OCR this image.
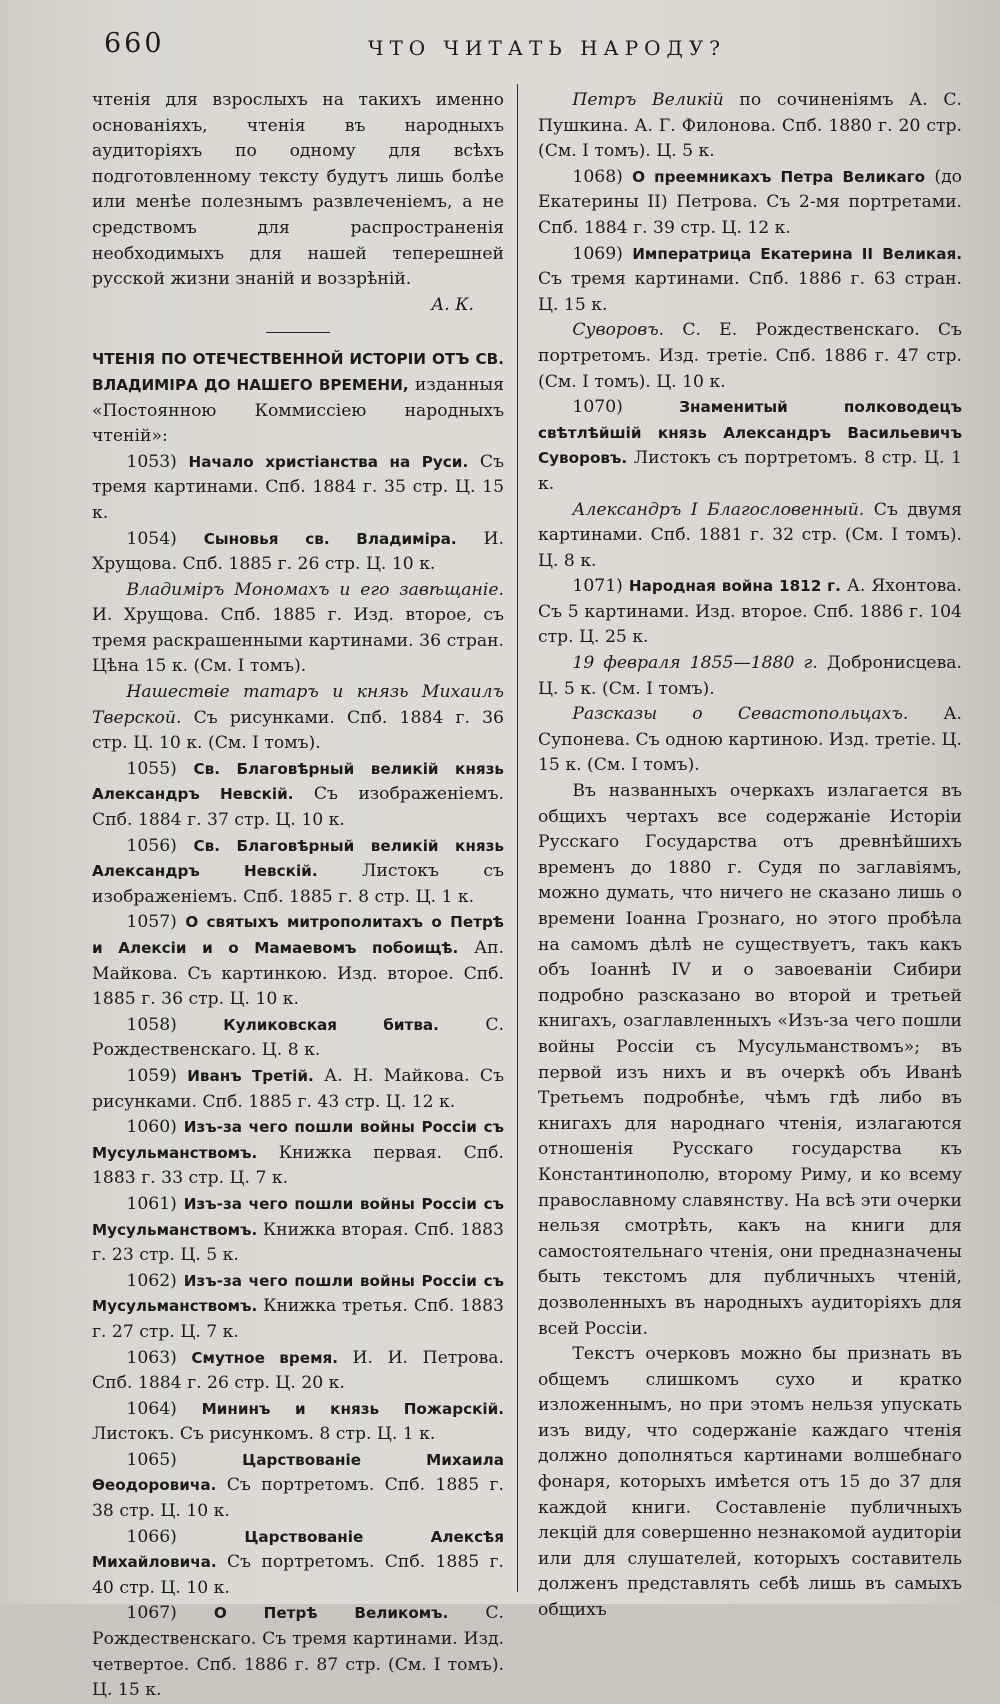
660	ЧТО ЧИТАТЬ НАРОДУ?

чтенія для взрослыхъ на такихъ именно основаніяхъ, чтенія въ народныхъ аудиторіяхъ по одному для всѣхъ подготовленному тексту будутъ лишь болѣе или менѣе полезнымъ развлеченіемъ, а не средствомъ для распространенія необходимыхъ для нашей теперешней русской жизни знаній и воззрѣній.

А. К.

ЧТЕНІЯ ПО ОТЕЧЕСТВЕННОЙ ИСТОРІИ ОТЪ СВ. ВЛАДИМІРА ДО НАШЕГО ВРЕМЕНИ, изданныя «Постоянною Коммиссіею народныхъ чтеній»:

1053) Начало христіанства на Руси. Съ тремя картинами. Спб. 1884 г. 35 стр. Ц. 15 к.

1054) Сыновья св. Владиміра. И. Хрущова. Спб. 1885 г. 26 стр. Ц. 10 к.

Владиміръ Мономахъ и его завѣщаніе. И. Хрущова. Спб. 1885 г. Изд. второе, съ тремя раскрашенными картинами. 36 стран. Цѣна 15 к. (См. I томъ).

Нашествіе татаръ и князь Михаилъ Тверской. Съ рисунками. Спб. 1884 г. 36 стр. Ц. 10 к. (См. I томъ).

1055) Св. Благовѣрный великій князь Александръ Невскій. Съ изображеніемъ. Спб. 1884 г. 37 стр. Ц. 10 к.

1056) Св. Благовѣрный великій князь Александръ Невскій. Листокъ съ изображеніемъ. Спб. 1885 г. 8 стр. Ц. 1 к.

1057) О святыхъ митрополитахъ о Петрѣ и Алексіи и о Мамаевомъ побоищѣ. Ап. Майкова. Съ картинкою. Изд. второе. Спб. 1885 г. 36 стр. Ц. 10 к.

1058)	Куликовская битва. С. Рождественскаго. Ц. 8 к.

1059) Иванъ Третій. А. Н. Майкова. Съ рисунками. Спб. 1885 г. 43 стр. Ц. 12 к.

1060) Изъ-за чего пошли войны Россіи съ Мусульманствомъ. Книжка первая. Спб. 1883 г. 33 стр. Ц. 7 к.

1061) Изъ-за чего пошли войны Россіи съ Мусульманствомъ. Книжка вторая. Спб. 1883 г. 23 стр. Ц. 5 к.

1062) Изъ-за чего пошли войны Россіи съ Мусульманствомъ. Книжка третья. Спб. 1883 г. 27 стр. Ц. 7 к.

1063) Смутное время. И. И. Петрова. Спб. 1884 г. 26 стр. Ц. 20 к.

1064) Мининъ и князь Пожарскій. Листокъ. Съ рисункомъ. 8 стр. Ц. 1 к.

1065)	Царствованіе Михаила Ѳеодоровича. Съ портретомъ. Спб. 1885 г. 38 стр. Ц. 10 к.

1066)	Царствованіе Алексѣя Михайловича. Съ портретомъ. Спб. 1885 г. 40 стр. Ц. 10 к.

1067) О Петрѣ Великомъ. С. Рождественскаго. Съ тремя картинами. Изд. четвертое. Спб. 1886 г. 87 стр. (См. I томъ). Ц. 15 к.

Петръ Великій по сочиненіямъ А. С. Пушкина. А. Г. Филонова. Спб. 1880 г. 20 стр. (См. I томъ). Ц. 5 к.

1068) О преемникахъ Петра Великаго (до Екатерины II) Петрова. Съ 2-мя портретами. Спб. 1884 г. 39 стр. Ц. 12 к.

1069) Императрица Екатерина II Великая. Съ тремя картинами. Спб. 1886 г. 63 стран. Ц. 15 к.

Суворовъ. С. Е. Рождественскаго. Съ портретомъ. Изд. третіе. Спб. 1886 г. 47 стр. (См. I томъ). Ц. 10 к.

1070)	Знаменитый полководецъ свѣтлѣйшій князь Александръ Васильевичъ Суворовъ. Листокъ съ портретомъ. 8 стр. Ц. 1 к.

Александръ I Благословенный. Съ двумя картинами. Спб. 1881 г. 32 стр. (См. I томъ). Ц. 8 к.

1071) Народная война 1812 г. А. Яхонтова. Съ 5 картинами. Изд. второе. Спб. 1886 г. 104 стр. Ц. 25 к.

19 февраля 1855—1880 г. Добронисцева. Ц. 5 к. (См. I томъ).

Разсказы о Севастопольцахъ. А. Супонева. Съ одною картиною. Изд. третіе. Ц. 15 к. (См. I томъ).

Въ названныхъ очеркахъ излагается въ общихъ чертахъ все содержаніе Исторіи Русскаго Государства отъ древнѣйшихъ временъ до 1880 г. Судя по заглавіямъ, можно думать, что ничего не сказано лишь о времени Іоанна Грознаго, но этого пробѣла на самомъ дѣлѣ не существуетъ, такъ какъ объ Іоаннѣ IV и о завоеваніи Сибири подробно разсказано во второй и третьей книгахъ, озаглавленныхъ «Изъ-за чего пошли войны Россіи съ Мусульманствомъ»; въ первой изъ нихъ и въ очеркѣ объ Иванѣ Третьемъ подробнѣе, чѣмъ гдѣ либо въ книгахъ для народнаго чтенія, излагаются отношенія Русскаго государства къ Константинополю, второму Риму, и ко всему православному славянству. На всѣ эти очерки нельзя смотрѣть, какъ на книги для самостоятельнаго чтенія, они предназначены быть текстомъ для публичныхъ чтеній, дозволенныхъ въ народныхъ аудиторіяхъ для всей Россіи.

Текстъ очерковъ можно бы признать въ общемъ слишкомъ сухо и кратко изложеннымъ, но при этомъ нельзя упускать изъ виду, что содержаніе каждаго чтенія должно дополняться картинами волшебнаго фонаря, которыхъ имѣется отъ 15 до 37 для каждой книги. Составленіе публичныхъ лекцій для совершенно незнакомой аудиторіи или для слушателей, которыхъ составитель долженъ представлять себѣ лишь въ самыхъ общихъ
